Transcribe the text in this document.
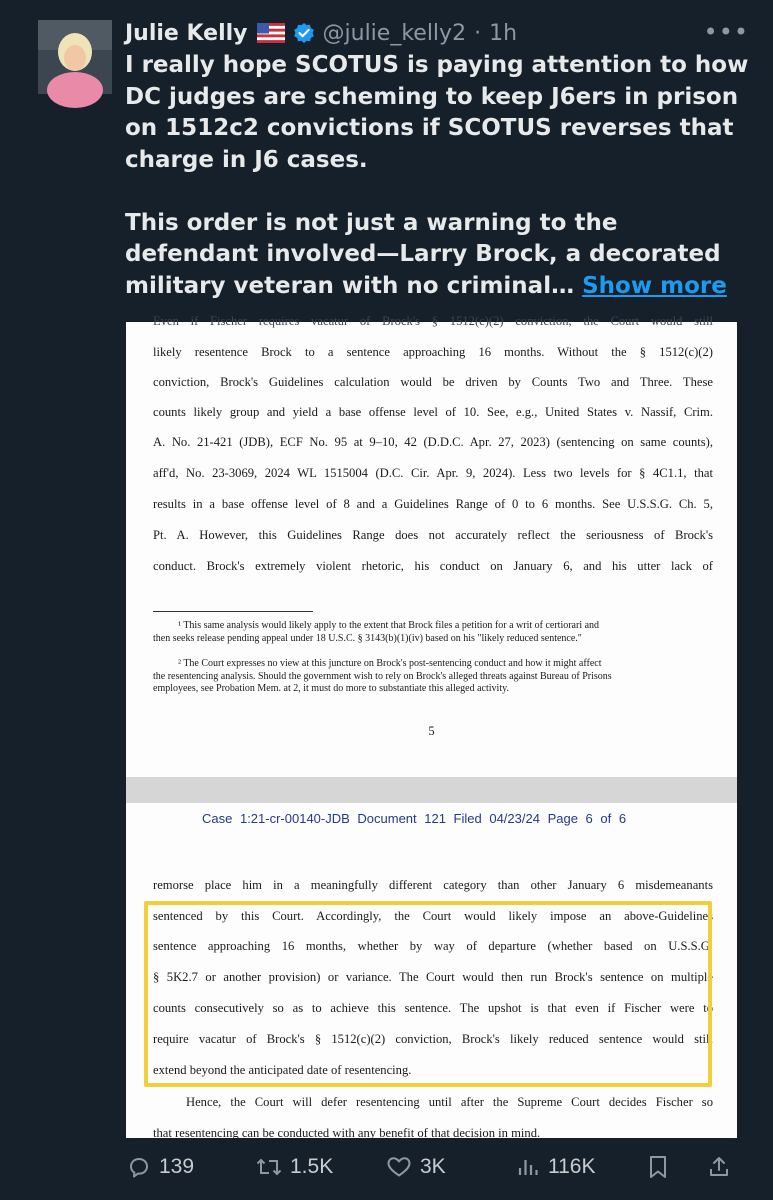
Julie Kelly	@julie_kelly2 · 1h	•••

I really hope SCOTUS is paying attention to how DC judges are scheming to keep J6ers in prison on 1512c2 convictions if SCOTUS reverses that charge in J6 cases.

This order is not just a warning to the defendant involved—Larry Brock, a decorated military veteran with no criminal… Show more

Even if Fischer requires vacatur of Brock's § 1512(c)(2) conviction, the Court would still
likely resentence Brock to a sentence approaching 16 months. Without the § 1512(c)(2)
conviction, Brock's Guidelines calculation would be driven by Counts Two and Three. These
counts likely group and yield a base offense level of 10. See, e.g., United States v. Nassif, Crim.
A. No. 21-421 (JDB), ECF No. 95 at 9–10, 42 (D.D.C. Apr. 27, 2023) (sentencing on same counts),
aff'd, No. 23-3069, 2024 WL 1515004 (D.C. Cir. Apr. 9, 2024). Less two levels for § 4C1.1, that
results in a base offense level of 8 and a Guidelines Range of 0 to 6 months. See U.S.S.G. Ch. 5,
Pt. A. However, this Guidelines Range does not accurately reflect the seriousness of Brock's
conduct. Brock's extremely violent rhetoric, his conduct on January 6, and his utter lack of
¹ This same analysis would likely apply to the extent that Brock files a petition for a writ of certiorari and
then seeks release pending appeal under 18 U.S.C. § 3143(b)(1)(iv) based on his "likely reduced sentence."
² The Court expresses no view at this juncture on Brock's post-sentencing conduct and how it might affect
the resentencing analysis. Should the government wish to rely on Brock's alleged threats against Bureau of Prisons
employees, see Probation Mem. at 2, it must do more to substantiate this alleged activity.
5
Case 1:21-cr-00140-JDB Document 121 Filed 04/23/24 Page 6 of 6
remorse place him in a meaningfully different category than other January 6 misdemeanants
sentenced by this Court. Accordingly, the Court would likely impose an above-Guidelines
sentence approaching 16 months, whether by way of departure (whether based on U.S.S.G.
§ 5K2.7 or another provision) or variance. The Court would then run Brock's sentence on multiple
counts consecutively so as to achieve this sentence. The upshot is that even if Fischer were to
require vacatur of Brock's § 1512(c)(2) conviction, Brock's likely reduced sentence would still
extend beyond the anticipated date of resentencing.
Hence, the Court will defer resentencing until after the Supreme Court decides Fischer so
that resentencing can be conducted with any benefit of that decision in mind.
139	1.5K	3K	116K
